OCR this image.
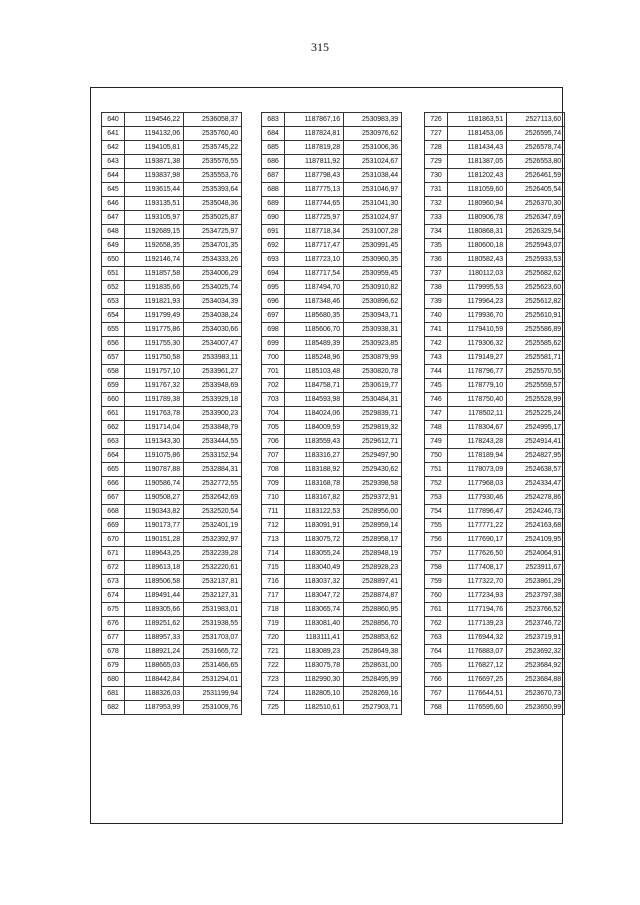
315
640	1194546,22	2536058,37
641	1194132,06	2535760,40
642	1194105,81	2535745,22
643	1193871,38	2535576,55
644	1193837,98	2535553,76
645	1193615,44	2535393,64
646	1193135,51	2535048,36
647	1193105,97	2535025,87
648	1192689,15	2534725,97
649	1192658,35	2534701,35
650	1192146,74	2534333,26
651	1191857,58	2534006,29
652	1191835,66	2534025,74
653	1191821,93	2534034,39
654	1191799,49	2534038,24
655	1191775,86	2534030,66
656	1191755,30	2534007,47
657	1191750,58	2533983,11
658	1191757,10	2533961,27
659	1191767,32	2533948,69
660	1191789,38	2533929,18
661	1191763,78	2533900,23
662	1191714,04	2533848,79
663	1191343,30	2533444,55
664	1191075,86	2533152,94
665	1190787,88	2532884,31
666	1190586,74	2532772,55
667	1190508,27	2532642,69
668	1190343,82	2532520,54
669	1190173,77	2532401,19
670	1190151,28	2532392,97
671	1189643,25	2532239,28
672	1189613,18	2532220,61
673	1189506,58	2532137,81
674	1189491,44	2532127,31
675	1189305,66	2531983,01
676	1189251,62	2531938,55
677	1188957,33	2531703,07
678	1188921,24	2531665,72
679	1188665,03	2531466,65
680	1188442,84	2531294,01
681	1188326,03	2531199,94
682	1187953,99	2531009,76
683	1187867,16	2530983,39
684	1187824,81	2530976,62
685	1187819,28	2531006,36
686	1187811,92	2531024,67
687	1187798,43	2531038,44
688	1187775,13	2531046,97
689	1187744,65	2531041,30
690	1187725,97	2531024,97
691	1187718,34	2531007,28
692	1187717,47	2530991,45
693	1187723,10	2530960,35
694	1187717,54	2530959,45
695	1187494,70	2530910,82
696	1187348,46	2530896,62
697	1185680,35	2530943,71
698	1185606,70	2530938,31
699	1185489,39	2530923,85
700	1185248,96	2530879,99
701	1185103,48	2530820,78
702	1184758,71	2530619,77
703	1184593,98	2530484,31
704	1184024,06	2529839,71
705	1184009,59	2529819,32
706	1183559,43	2529612,71
707	1183316,27	2529497,90
708	1183188,92	2529430,62
709	1183168,78	2529398,58
710	1183167,82	2529372,91
711	1183122,53	2528956,00
712	1183091,91	2528959,14
713	1183075,72	2528958,17
714	1183055,24	2528948,19
715	1183040,49	2528928,23
716	1183037,32	2528897,41
717	1183047,72	2528874,87
718	1183065,74	2528860,95
719	1183081,40	2528856,70
720	1183111,41	2528853,62
721	1183089,23	2528649,38
722	1183075,78	2528631,00
723	1182990,30	2528495,99
724	1182805,10	2528269,16
725	1182510,61	2527903,71
726	1181863,51	2527113,60
727	1181453,06	2526595,74
728	1181434,43	2526578,74
729	1181387,05	2526553,80
730	1181202,43	2526461,59
731	1181059,60	2526405,54
732	1180960,94	2526370,30
733	1180906,78	2526347,69
734	1180868,31	2526329,54
735	1180600,18	2525943,07
736	1180582,43	2525933,53
737	1180112,03	2525682,62
738	1179995,53	2525623,60
739	1179964,23	2525612,82
740	1179936,70	2525610,91
741	1179410,59	2525586,89
742	1179306,32	2525585,62
743	1179149,27	2525581,71
744	1178796,77	2525570,55
745	1178779,10	2525559,57
746	1178750,40	2525528,99
747	1178502,11	2525225,24
748	1178304,67	2524995,17
749	1178243,28	2524914,41
750	1178189,94	2524827,95
751	1178073,09	2524638,57
752	1177968,03	2524334,47
753	1177930,46	2524278,86
754	1177896,47	2524246,73
755	1177771,22	2524163,68
756	1177690,17	2524109,95
757	1177626,50	2524064,91
758	1177408,17	2523911,67
759	1177322,70	2523861,29
760	1177234,93	2523797,38
761	1177194,76	2523766,52
762	1177139,23	2523746,72
763	1176944,32	2523719,91
764	1176883,07	2523692,32
765	1176827,12	2523684,92
766	1176697,25	2523684,88
767	1176644,51	2523670,73
768	1176595,60	2523650,99
